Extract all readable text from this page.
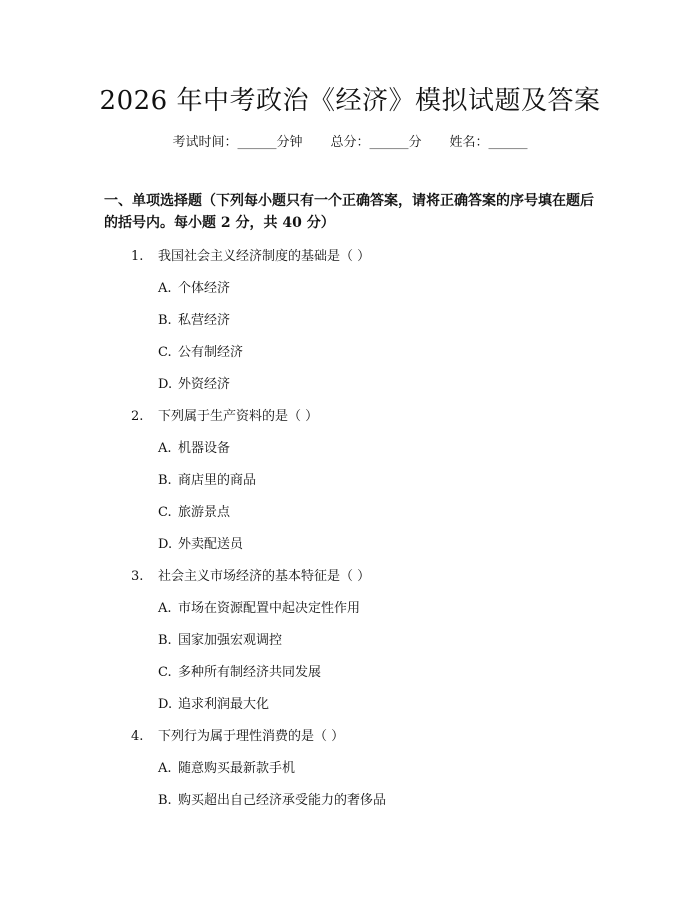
2026 年中考政治《经济》模拟试题及答案
考试时间：______分钟 总分：______分 姓名：______
一、单项选择题（下列每小题只有一个正确答案，请将正确答案的序号填在题后的括号内。每小题 2 分，共 40 分）
1. 我国社会主义经济制度的基础是（ ）
A. 个体经济
B. 私营经济
C. 公有制经济
D. 外资经济
2. 下列属于生产资料的是（ ）
A. 机器设备
B. 商店里的商品
C. 旅游景点
D. 外卖配送员
3. 社会主义市场经济的基本特征是（ ）
A. 市场在资源配置中起决定性作用
B. 国家加强宏观调控
C. 多种所有制经济共同发展
D. 追求利润最大化
4. 下列行为属于理性消费的是（ ）
A. 随意购买最新款手机
B. 购买超出自己经济承受能力的奢侈品
